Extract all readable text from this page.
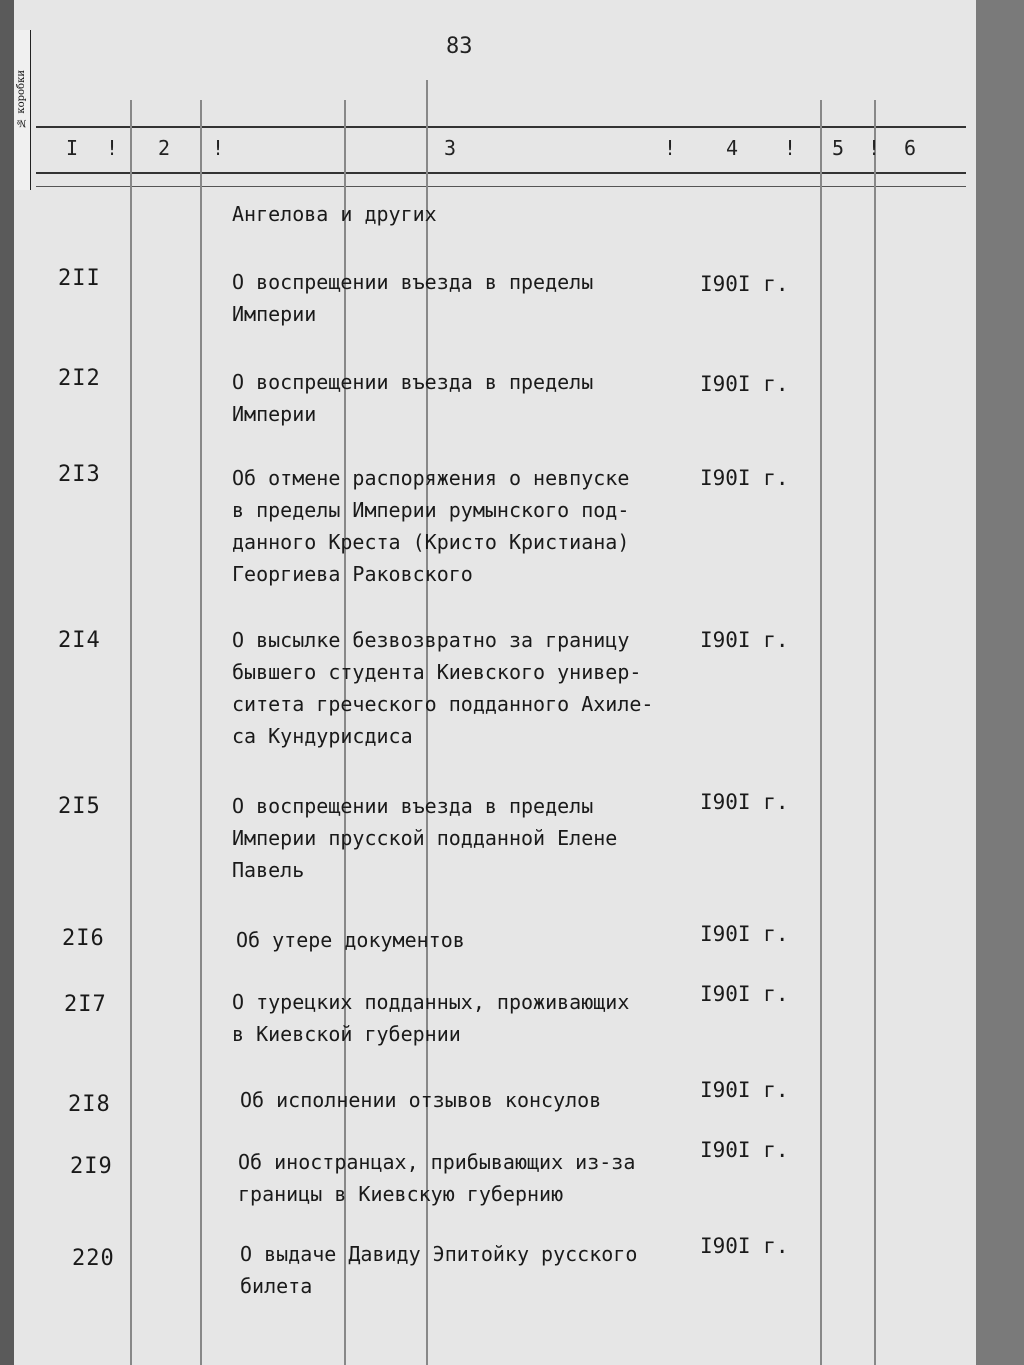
№ коробки
83
I ! 2 !	3	! 4 ! 5 ! 6
Ангелова и других
2II	О воспрещении въезда в пределы
Империи
I90I г.
2I2	О воспрещении въезда в пределы
Империи
I90I г.
2I3	Об отмене распоряжения о невпуске
в пределы Империи румынского под-
данного Креста (Кристо Кристиана)
Георгиева Раковского
I90I г.
2I4	О высылке безвозвратно за границу
бывшего студента Киевского универ-
ситета греческого подданного Ахиле-
са Кундурисдиса
I90I г.
2I5	О воспрещении въезда в пределы
Империи прусской подданной Елене
Павель
I90I г.
2I6	Об утере документов	I90I г.
2I7	О турецких подданных, проживающих
в Киевской губернии
I90I г.
2I8	Об исполнении отзывов консулов	I90I г.
2I9	Об иностранцах, прибывающих из-за
границы в Киевскую губернию
I90I г.
220	О выдаче Давиду Эпитойку русского
билета
I90I г.
